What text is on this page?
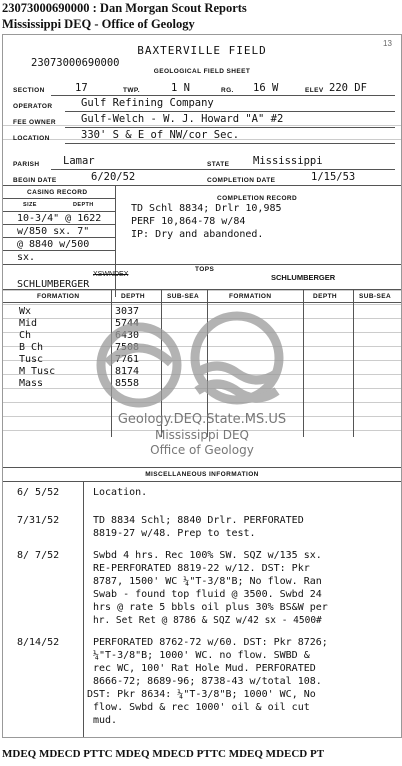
23073000690000 : Dan Morgan Scout Reports
Mississippi DEQ - Office of Geology
13
BAXTERVILLE FIELD
23073000690000
GEOLOGICAL FIELD SHEET
SECTION	17	TWP.	1 N	RG. 16 W	ELEV 220 DF
OPERATOR	Gulf Refining Company
FEE OWNER Gulf-Welch - W. J. Howard "A" #2
LOCATION	330' S & E of NW/cor Sec.
PARISH Lamar	STATE Mississippi
BEGIN DATE	6/20/52	COMPLETION DATE	1/15/53
CASING RECORD
COMPLETION RECORD
SIZE	DEPTH
10-3/4" @ 1622
w/850 sx. 7"
@ 8840 w/500
sx.
TD Schl 8834; Drlr 10,985
PERF 10,864-78 w/84
IP: Dry and abandoned.
TOPS
XSWNDEX
SCHLUMBERGER
SCHLUMBERGER
FORMATION	DEPTH	SUB-SEA	FORMATION	DEPTH	SUB-SEA
Wx	3037
Mid	5744
Ch	6430
B Ch	7508
Tusc	7761
M Tusc	8174
Mass	8558
Geology.DEQ.State.MS.US
Mississippi DEQ
Office of Geology
MISCELLANEOUS INFORMATION
6/ 5/52	Location.
7/31/52	TD 8834 Schl; 8840 Drlr. PERFORATED
8819-27 w/48. Prep to test.
8/ 7/52	Swbd 4 hrs. Rec 100% SW. SQZ w/135 sx.
RE-PERFORATED 8819-22 w/12. DST: Pkr
8787, 1500' WC ¼"T-3/8"B; No flow. Ran
Swab - found top fluid @ 3500. Swbd 24
hrs @ rate 5 bbls oil plus 30% BS&W per
hr. Set Ret @ 8786 & SQZ w/42 sx - 4500#
8/14/52	PERFORATED 8762-72 w/60. DST: Pkr 8726;
¼"T-3/8"B; 1000' WC. no flow. SWBD &
rec WC, 100' Rat Hole Mud. PERFORATED
8666-72; 8689-96; 8738-43 w/total 108.
DST: Pkr 8634: ¼"T-3/8"B; 1000' WC, No
flow. Swbd & rec 1000' oil & oil cut
mud.
MDEQ MDECD PTTC MDEQ MDECD PTTC MDEQ MDECD PT
